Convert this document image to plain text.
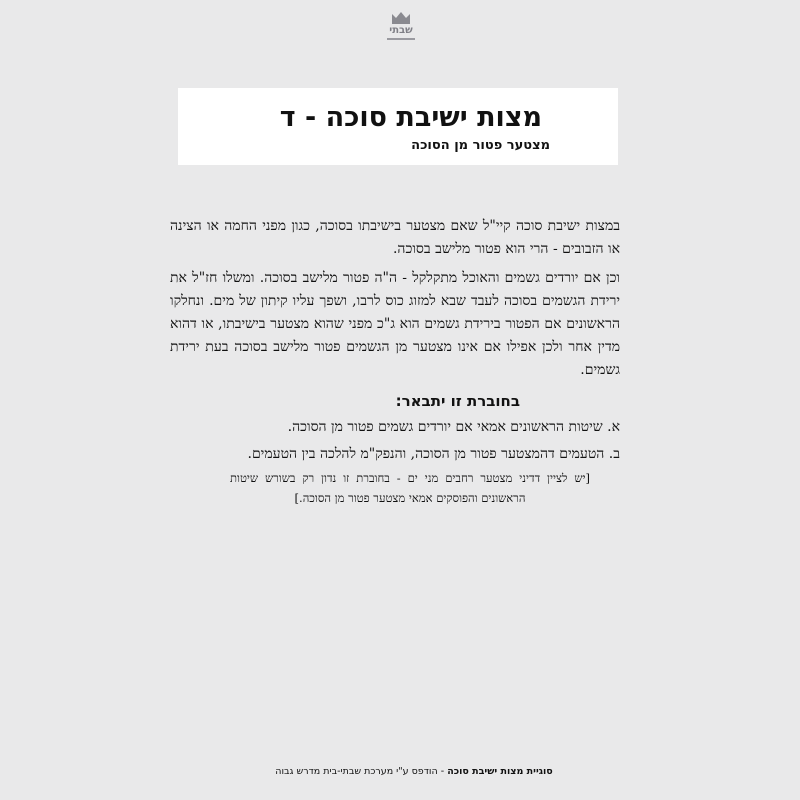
שבתי
מצות ישיבת סוכה - ד
מצטער פטור מן הסוכה

במצות ישיבת סוכה קיי"ל שאם מצטער בישיבתו בסוכה, כגון מפני החמה או הצינה או הזבובים - הרי הוא פטור מלישב בסוכה.

וכן אם יורדים גשמים והאוכל מתקלקל - ה"ה פטור מלישב בסוכה. ומשלו חז"ל את ירידת הגשמים בסוכה לעבד שבא למזוג כוס לרבו, ושפך עליו קיתון של מים. ונחלקו הראשונים אם הפטור בירידת גשמים הוא ג"כ מפני שהוא מצטער בישיבתו, או דהוא מדין אחר ולכן אפילו אם אינו מצטער מן הגשמים פטור מלישב בסוכה בעת ירידת גשמים.

בחוברת זו יתבאר:
א. שיטות הראשונים אמאי אם יורדים גשמים פטור מן הסוכה.
ב. הטעמים דהמצטער פטור מן הסוכה, והנפק"מ להלכה בין הטעמים.
[יש לציין דדיני מצטער רחבים מני ים - בחוברת זו נדון רק בשורש שיטות הראשונים והפוסקים אמאי מצטער פטור מן הסוכה.]
סוגיית מצות ישיבת סוכה - הודפס ע"י מערכת שבתי-בית מדרש גבוה
